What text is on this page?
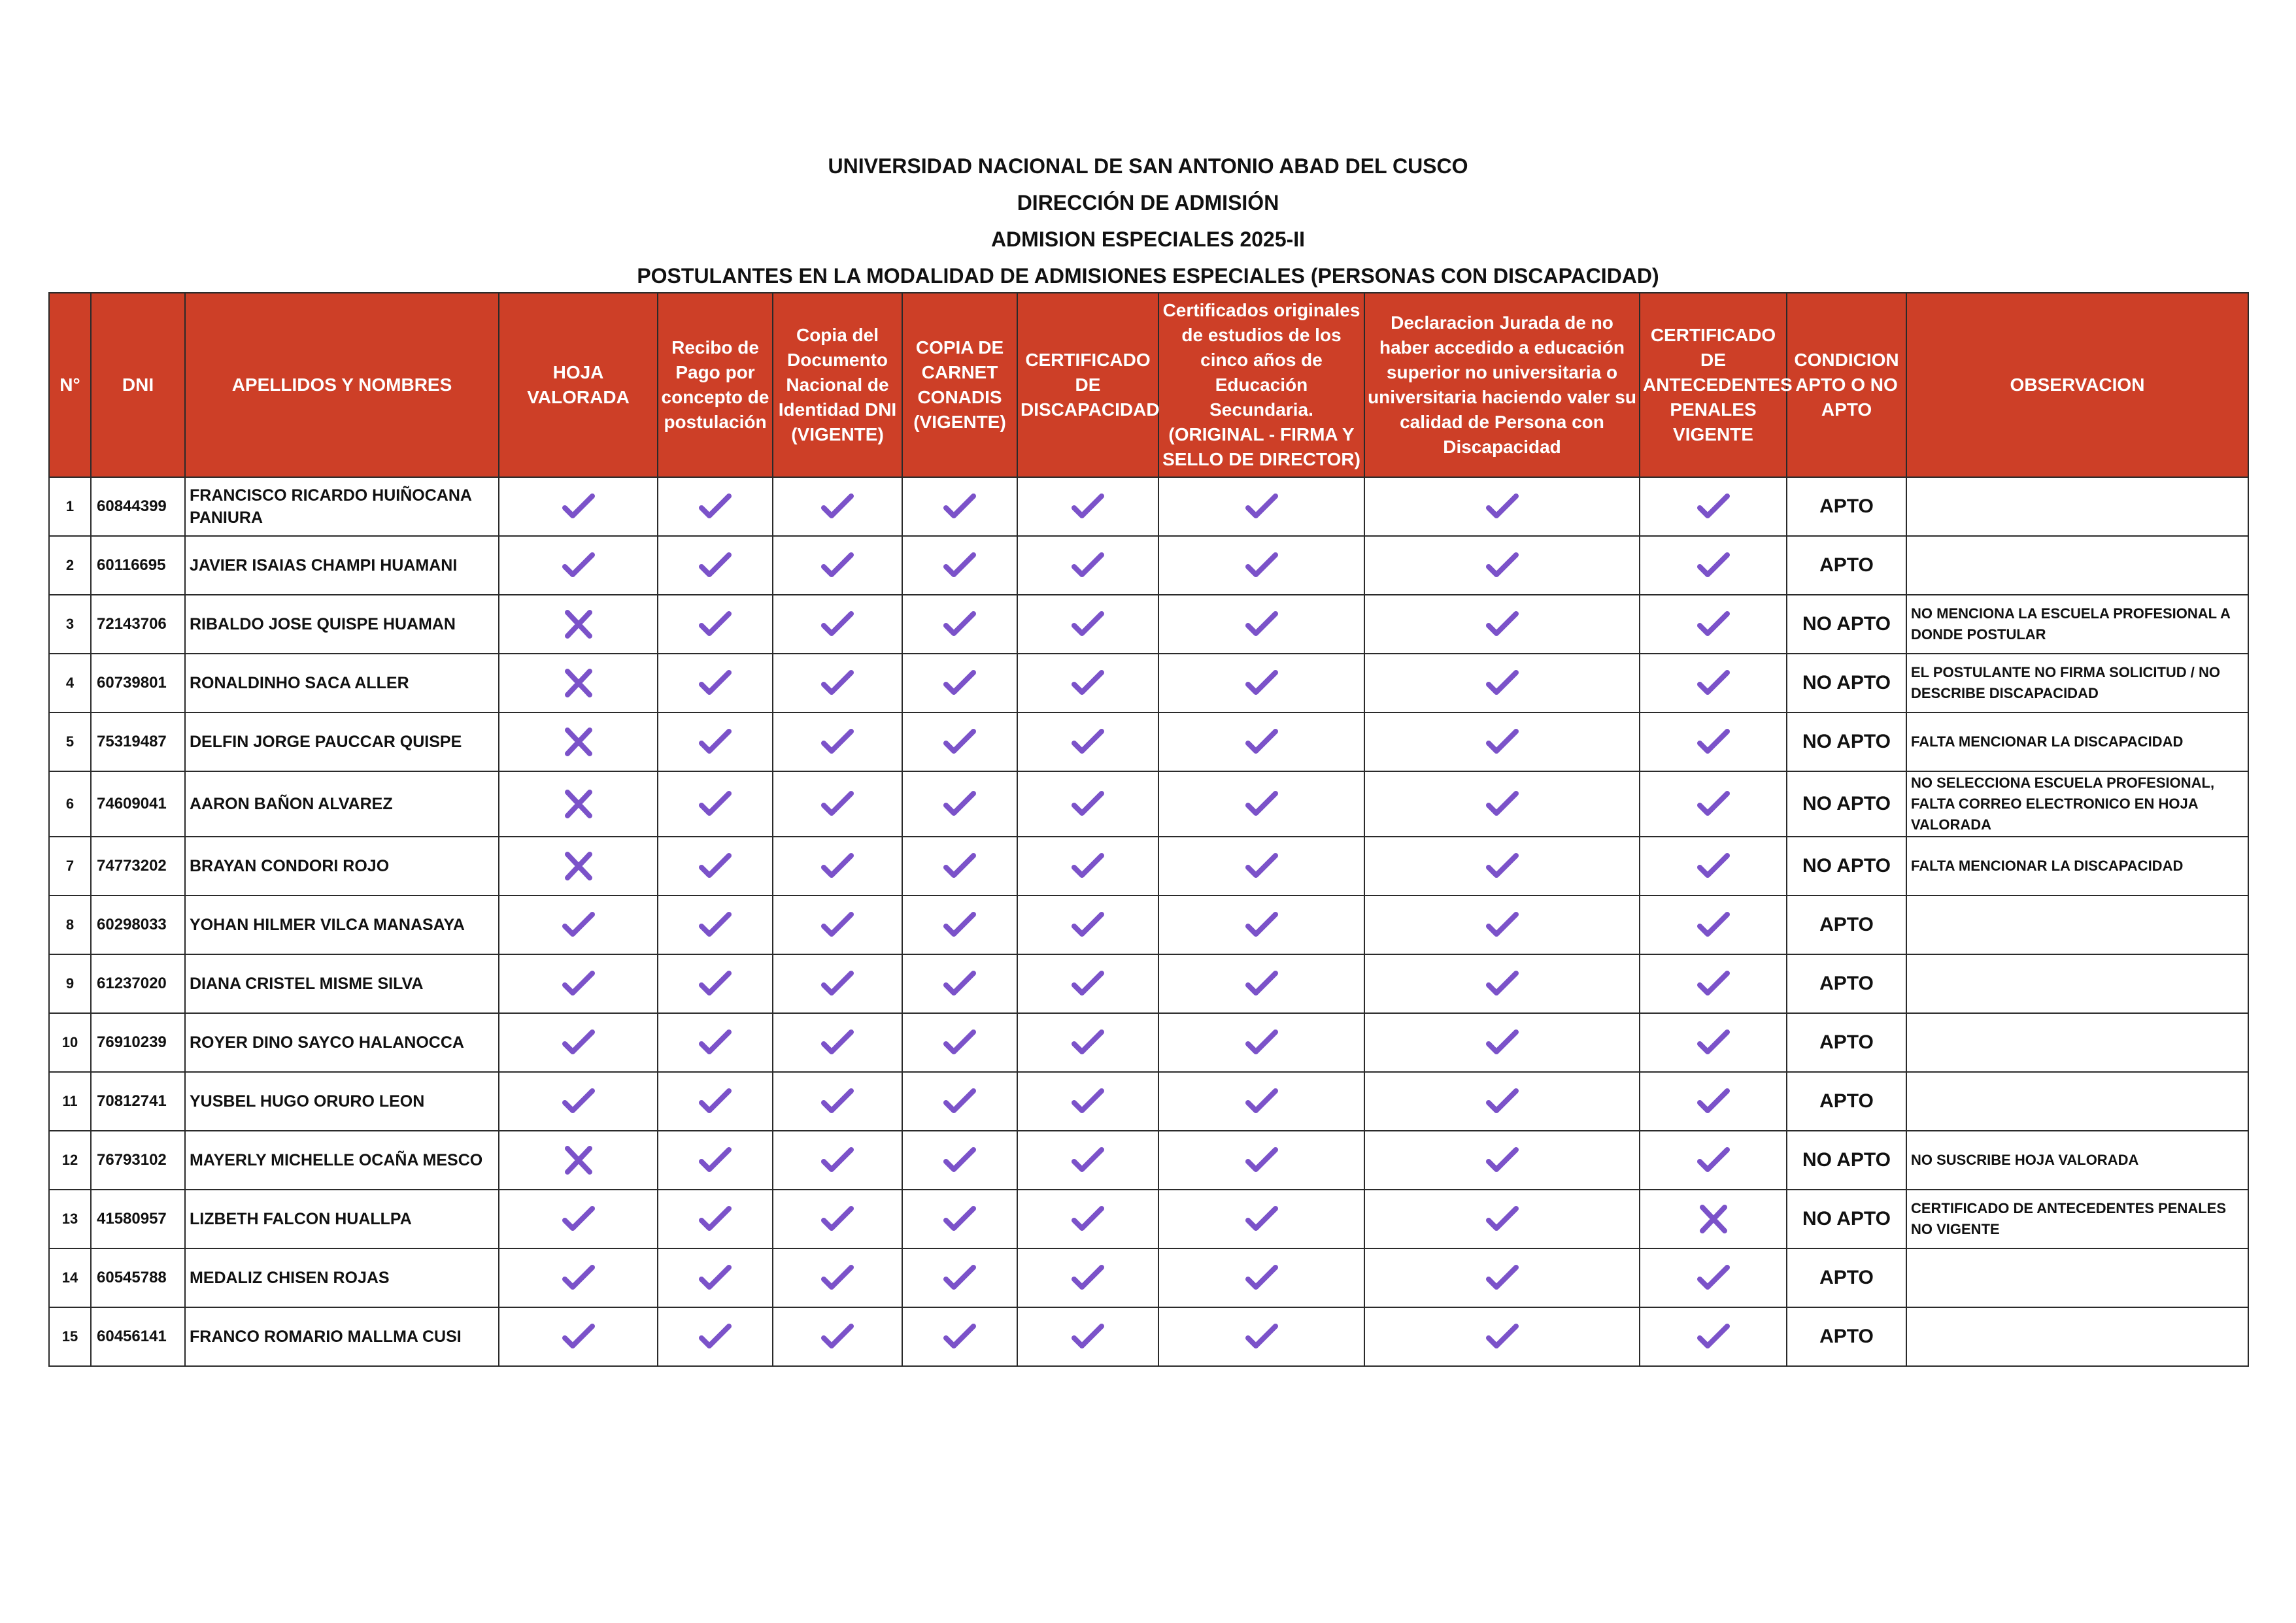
UNIVERSIDAD NACIONAL DE SAN ANTONIO ABAD DEL CUSCO
DIRECCIÓN DE ADMISIÓN
ADMISION ESPECIALES 2025-II
POSTULANTES EN LA MODALIDAD DE ADMISIONES ESPECIALES (PERSONAS CON DISCAPACIDAD)
N°	DNI	APELLIDOS Y NOMBRES	HOJA VALORADA	Recibo de Pago por concepto de postulación	Copia del Documento Nacional de Identidad DNI (VIGENTE)	COPIA DE CARNET CONADIS (VIGENTE)	CERTIFICADO DE DISCAPACIDAD	Certificados originales de estudios de los cinco años de Educación Secundaria. (ORIGINAL - FIRMA Y SELLO DE DIRECTOR)	Declaracion Jurada de no haber accedido a educación superior no universitaria o universitaria haciendo valer su calidad de Persona con Discapacidad	CERTIFICADO DE ANTECEDENTES PENALES VIGENTE	CONDICION APTO O NO APTO	OBSERVACION
1	60844399	FRANCISCO RICARDO HUIÑOCANA PANIURA									APTO	
2	60116695	JAVIER ISAIAS CHAMPI HUAMANI									APTO	
3	72143706	RIBALDO JOSE QUISPE HUAMAN									NO APTO	NO MENCIONA LA ESCUELA PROFESIONAL A DONDE POSTULAR
4	60739801	RONALDINHO SACA ALLER									NO APTO	EL POSTULANTE NO FIRMA SOLICITUD / NO DESCRIBE DISCAPACIDAD
5	75319487	DELFIN JORGE PAUCCAR QUISPE									NO APTO	FALTA MENCIONAR LA DISCAPACIDAD
6	74609041	AARON BAÑON ALVAREZ									NO APTO	NO SELECCIONA ESCUELA PROFESIONAL, FALTA CORREO ELECTRONICO EN HOJA VALORADA
7	74773202	BRAYAN CONDORI ROJO									NO APTO	FALTA MENCIONAR LA DISCAPACIDAD
8	60298033	YOHAN HILMER VILCA MANASAYA									APTO	
9	61237020	DIANA CRISTEL MISME SILVA									APTO	
10	76910239	ROYER DINO SAYCO HALANOCCA									APTO	
11	70812741	YUSBEL HUGO ORURO LEON									APTO	
12	76793102	MAYERLY MICHELLE OCAÑA MESCO									NO APTO	NO SUSCRIBE HOJA VALORADA
13	41580957	LIZBETH FALCON HUALLPA									NO APTO	CERTIFICADO DE ANTECEDENTES PENALES NO VIGENTE
14	60545788	MEDALIZ CHISEN ROJAS									APTO	
15	60456141	FRANCO ROMARIO MALLMA CUSI									APTO	
